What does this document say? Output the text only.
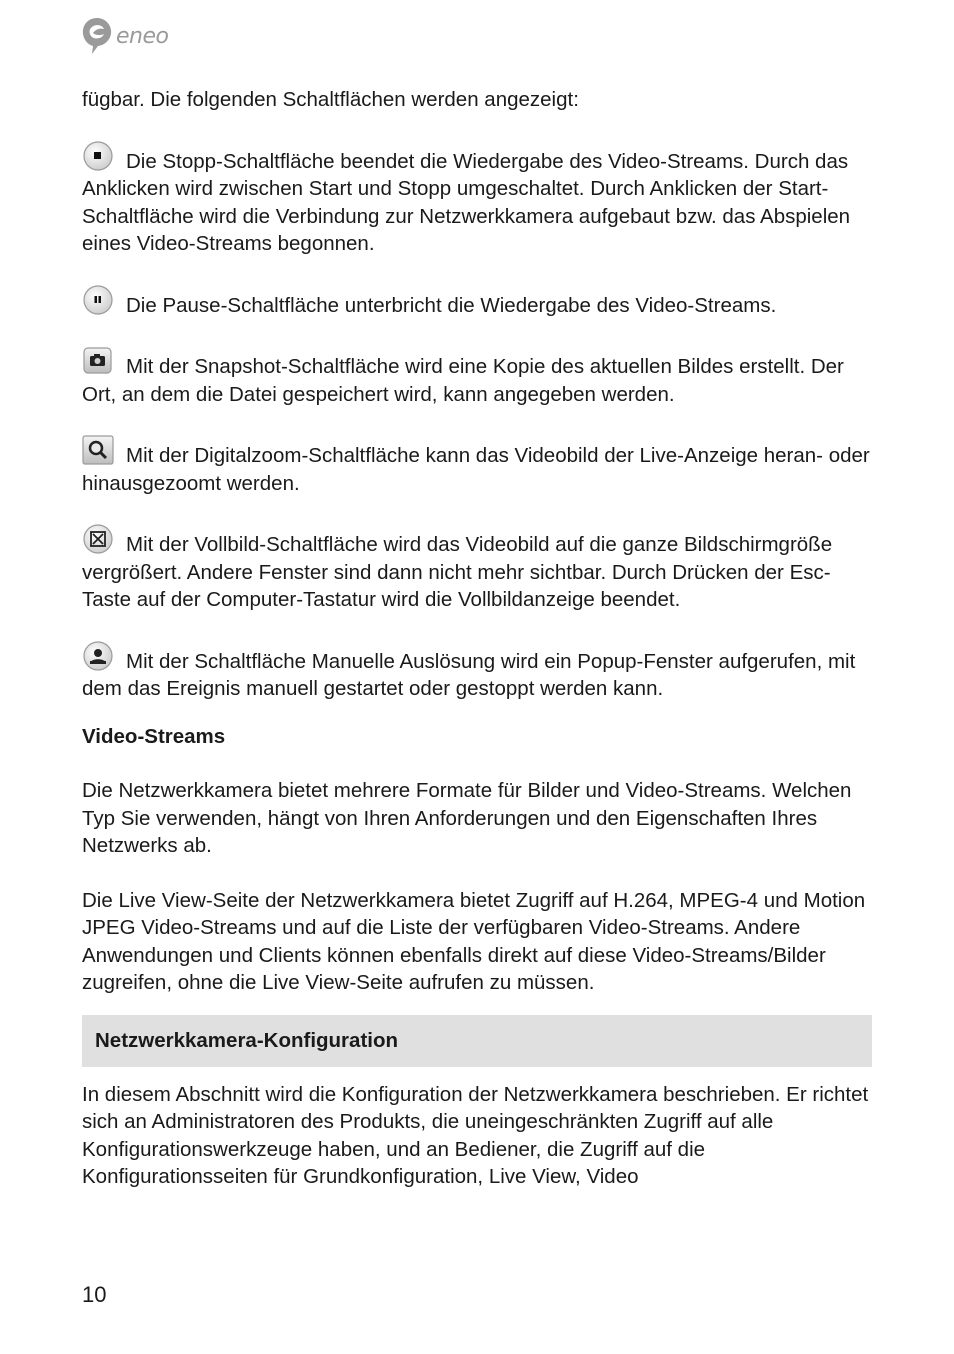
eneo

fügbar. Die folgenden Schaltflächen werden angezeigt:

Die Stopp-Schaltfläche beendet die Wiedergabe des Video-Streams. Durch das Anklicken wird zwischen Start und Stopp umgeschaltet. Durch Anklicken der Start-Schaltfläche wird die Verbindung zur Netzwerkkamera aufgebaut bzw. das Abspielen eines Video-Streams begonnen.

Die Pause-Schaltfläche unterbricht die Wiedergabe des Video-Streams.

Mit der Snapshot-Schaltfläche wird eine Kopie des aktuellen Bildes erstellt. Der Ort, an dem die Datei gespeichert wird, kann angegeben werden.

Mit der Digitalzoom-Schaltfläche kann das Videobild der Live-Anzeige heran- oder hinausgezoomt werden.

Mit der Vollbild-Schaltfläche wird das Videobild auf die ganze Bildschirmgröße vergrößert. Andere Fenster sind dann nicht mehr sichtbar. Durch Drücken der Esc-Taste auf der Computer-Tastatur wird die Vollbildanzeige beendet.

Mit der Schaltfläche Manuelle Auslösung wird ein Popup-Fenster aufgerufen, mit dem das Ereignis manuell gestartet oder gestoppt werden kann.

Video-Streams

Die Netzwerkkamera bietet mehrere Formate für Bilder und Video-Streams. Welchen Typ Sie verwenden, hängt von Ihren Anforderungen und den Eigenschaften Ihres Netzwerks ab.

Die Live View-Seite der Netzwerkkamera bietet Zugriff auf H.264, MPEG-4 und Motion JPEG Video-Streams und auf die Liste der verfügbaren Video-Streams. Andere Anwendungen und Clients können ebenfalls direkt auf diese Video-Streams/Bilder zugreifen, ohne die Live View-Seite aufrufen zu müssen.

Netzwerkkamera-Konfiguration

In diesem Abschnitt wird die Konfiguration der Netzwerkkamera beschrieben. Er richtet sich an Administratoren des Produkts, die uneingeschränkten Zugriff auf alle Konfigurationswerkzeuge haben, und an Bediener, die Zugriff auf die Konfigurationsseiten für Grundkonfiguration, Live View, Video

10
